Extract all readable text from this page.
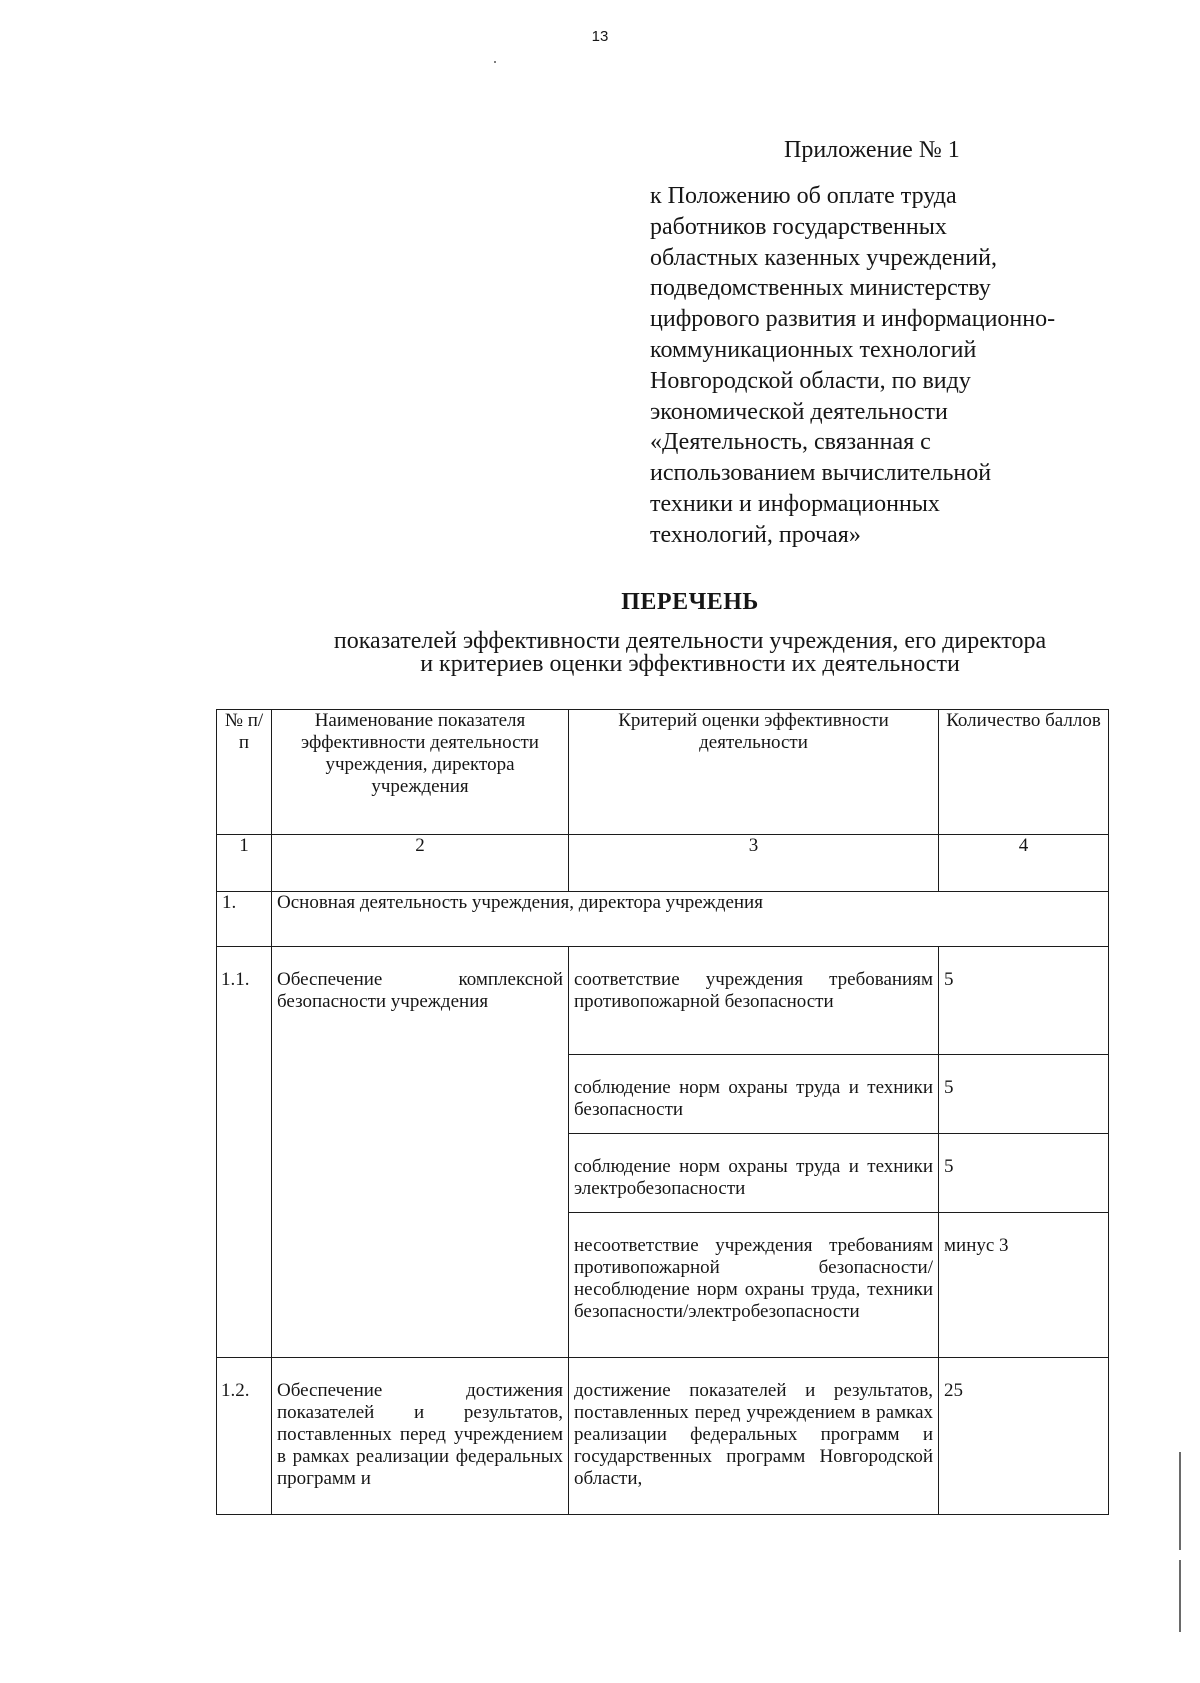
13
Приложение № 1
к Положению об оплате труда
работников государственных
областных казенных учреждений,
подведомственных министерству
цифрового развития и информационно-
коммуникационных технологий
Новгородской области, по виду
экономической деятельности
«Деятельность, связанная с
использованием вычислительной
техники и информационных
технологий, прочая»
ПЕРЕЧЕНЬ
показателей эффективности деятельности учреждения, его директора
и критериев оценки эффективности их деятельности
№ п/п	Наименование показателя эффективности деятельности учреждения, директора учреждения	Критерий оценки эффективности деятельности	Количество баллов
1	2	3	4
1.	Основная деятельность учреждения, директора учреждения		
1.1.	Обеспечение комплексной безопасности учреждения	соответствие учреждения требованиям противопожарной безопасности	5
		соблюдение норм охраны труда и техники безопасности	5
		соблюдение норм охраны труда и техники электробезопасности	5
		несоответствие учреждения требованиям противопожарной безопасности/несоблюдение норм охраны труда, техники безопасности/электробезопасности	минус 3
1.2.	Обеспечение достижения показателей и результатов, поставленных перед учреждением в рамках реализации федеральных программ и	достижение показателей и результатов, поставленных перед учреждением в рамках реализации федеральных программ и государственных программ Новгородской области,	25
